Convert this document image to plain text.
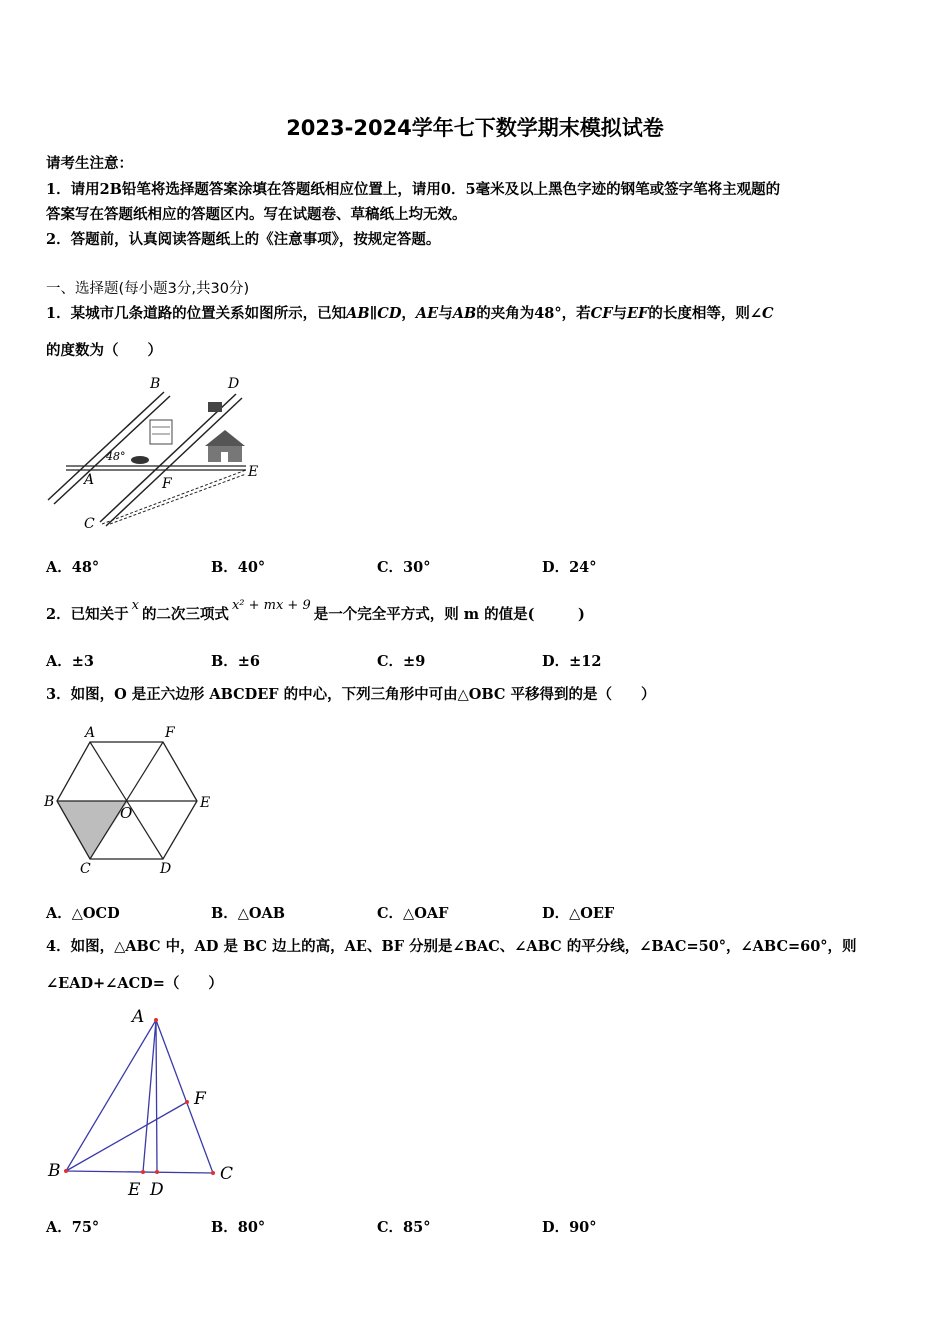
2023-2024学年七下数学期末模拟试卷
请考生注意：
1．请用2B铅笔将选择题答案涂填在答题纸相应位置上，请用0．5毫米及以上黑色字迹的钢笔或签字笔将主观题的
答案写在答题纸相应的答题区内。写在试题卷、草稿纸上均无效。
2．答题前，认真阅读答题纸上的《注意事项》，按规定答题。
一、选择题(每小题3分,共30分)
1．某城市几条道路的位置关系如图所示，已知AB∥CD，AE与AB的夹角为48°，若CF与EF的长度相等，则∠C
的度数为（　　）
B	D
A	F
E
C
48°
A．48°	B．40°	C．30°	D．24°
2．已知关于x的二次三项式x² + mx + 9是一个完全平方式，则 m 的值是(　　　)
A．±3	B．±6	C．±9	D．±12
3．如图，O 是正六边形 ABCDEF 的中心，下列三角形中可由△OBC 平移得到的是（　　）
A	F
B
O
E
C	D
A．△OCD	B．△OAB	C．△OAF	D．△OEF
4．如图，△ABC 中，AD 是 BC 边上的高，AE、BF 分别是∠BAC、∠ABC 的平分线，∠BAC=50°，∠ABC=60°，则
∠EAD+∠ACD=（　　）
A
F
B	C
E D
A．75°	B．80°	C．85°	D．90°
